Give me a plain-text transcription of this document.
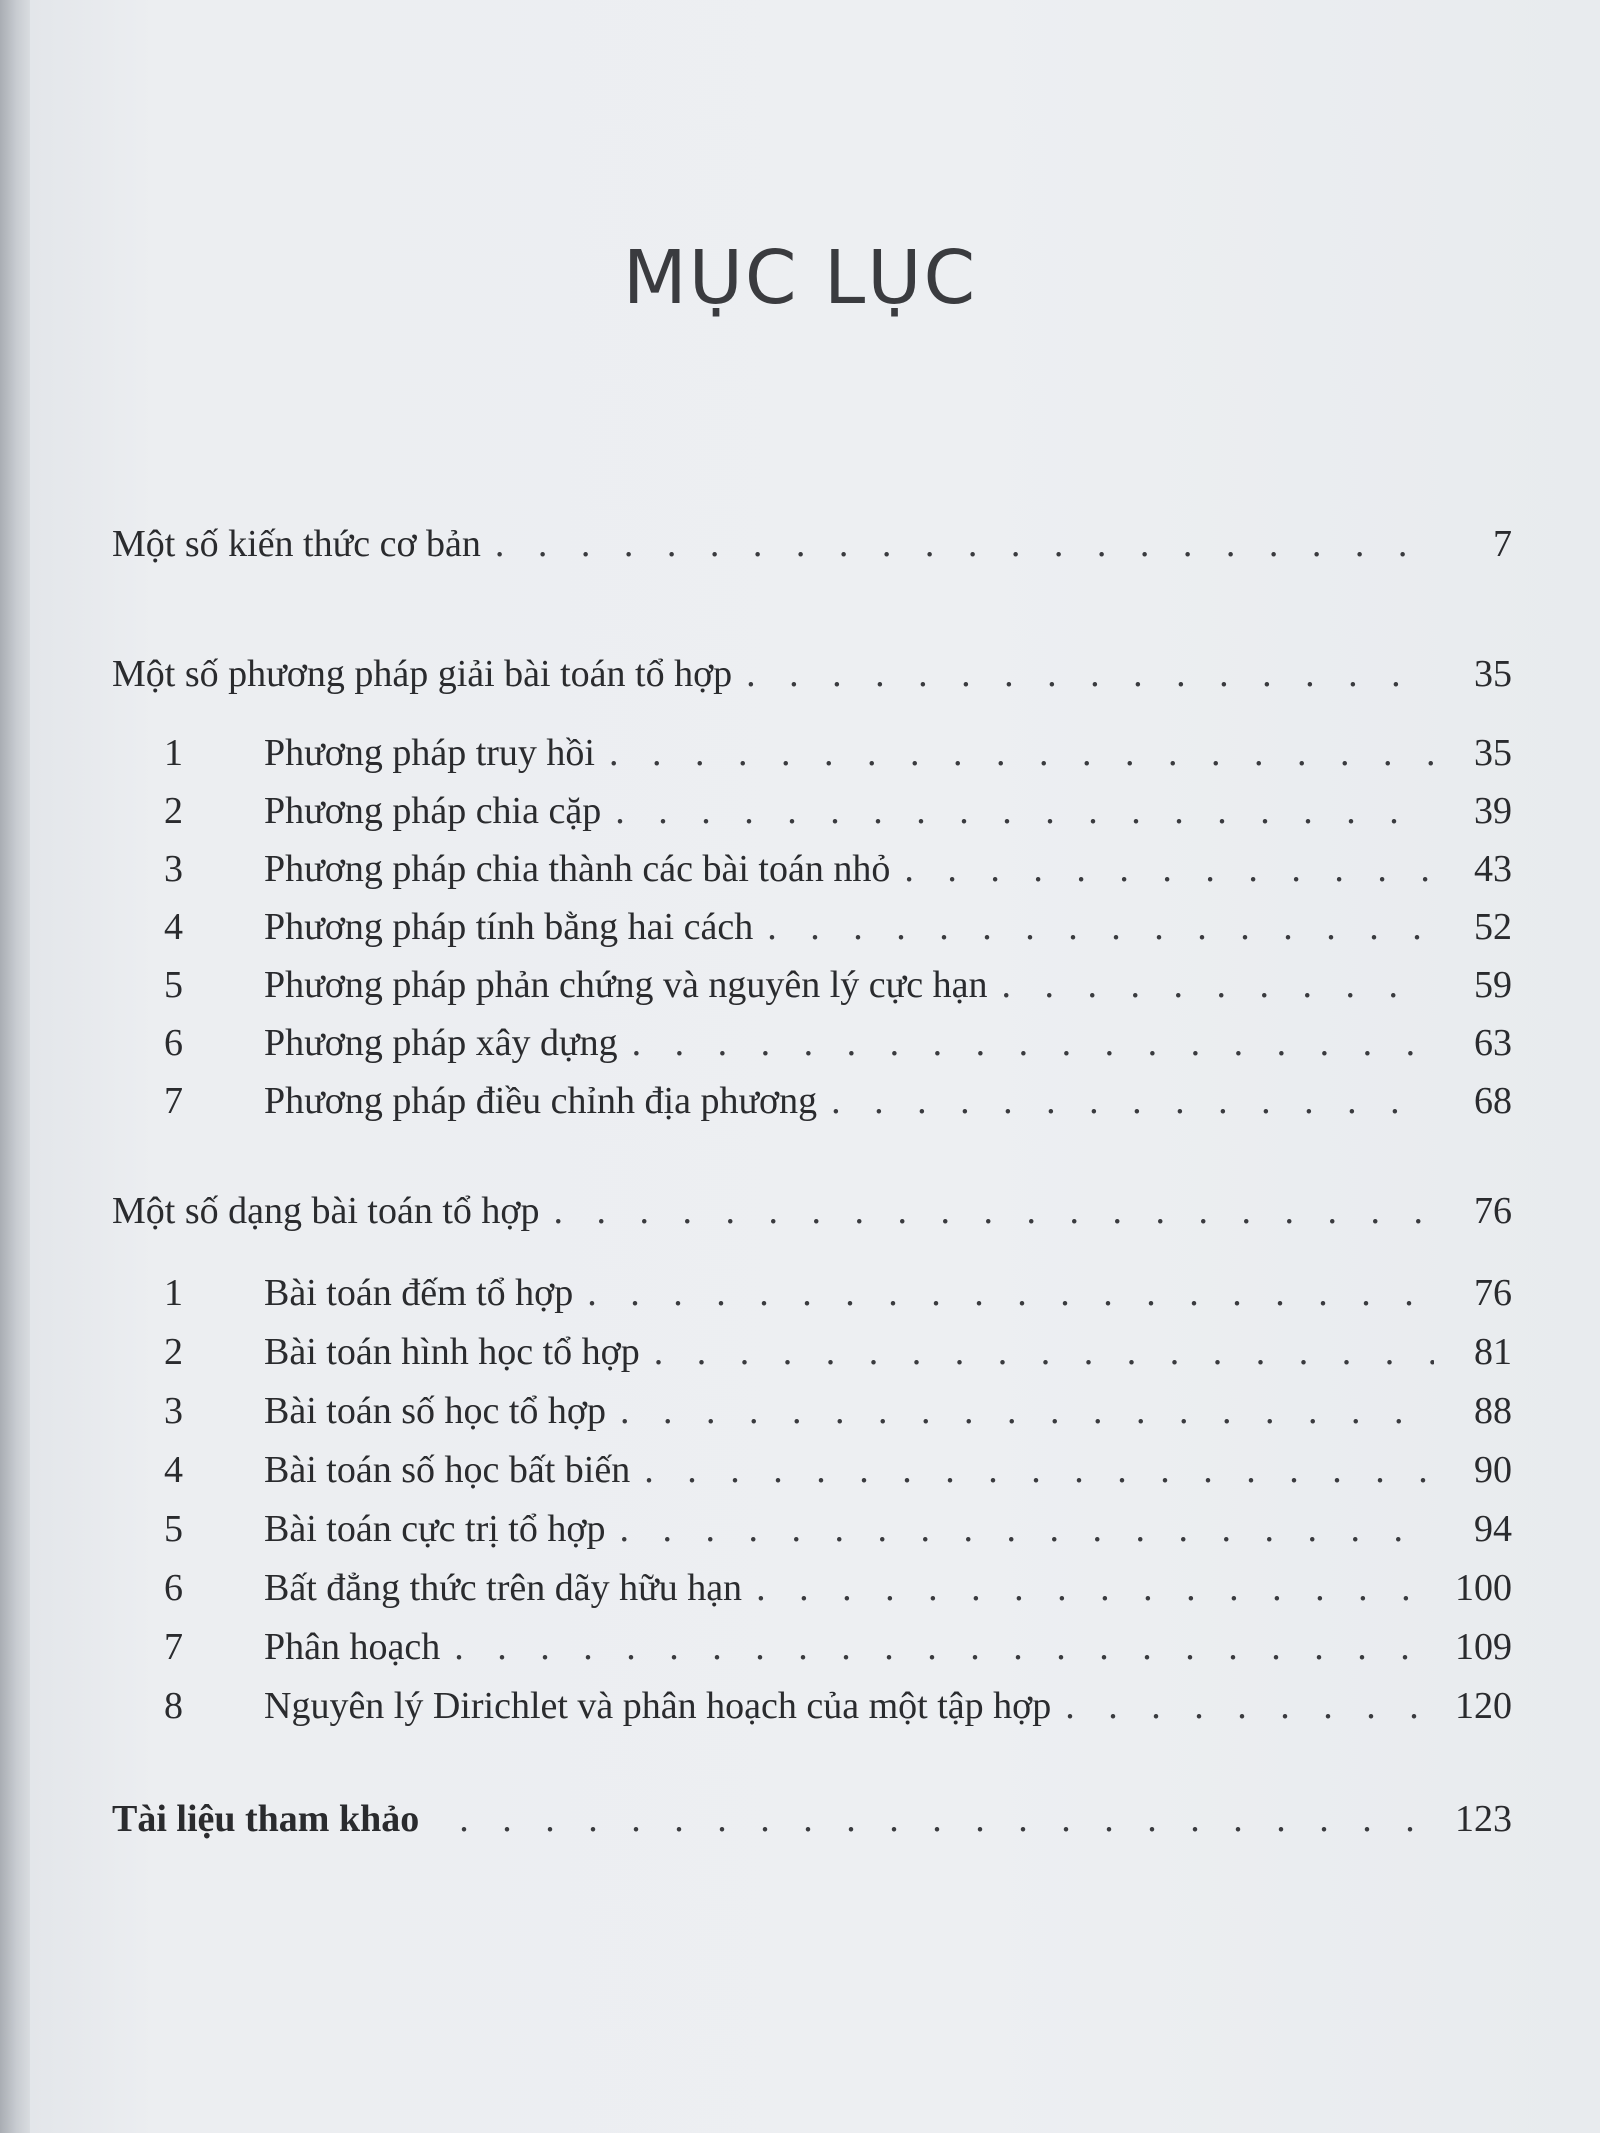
MỤC LỤC
Một số kiến thức cơ bản . . .	7
Một số phương pháp giải bài toán tổ hợp . . .	35
1	Phương pháp truy hồi . . .	35
2	Phương pháp chia cặp . . .	39
3	Phương pháp chia thành các bài toán nhỏ . . .	43
4	Phương pháp tính bằng hai cách . . .	52
5	Phương pháp phản chứng và nguyên lý cực hạn . . .	59
6	Phương pháp xây dựng . . .	63
7	Phương pháp điều chỉnh địa phương . . .	68
Một số dạng bài toán tổ hợp . . .	76
1	Bài toán đếm tổ hợp . . .	76
2	Bài toán hình học tổ hợp . . .	81
3	Bài toán số học tổ hợp . . .	88
4	Bài toán số học bất biến . . .	90
5	Bài toán cực trị tổ hợp . . .	94
6	Bất đẳng thức trên dãy hữu hạn . . .	100
7	Phân hoạch . . .	109
8	Nguyên lý Dirichlet và phân hoạch của một tập hợp . . .	120
Tài liệu tham khảo . . .	123
